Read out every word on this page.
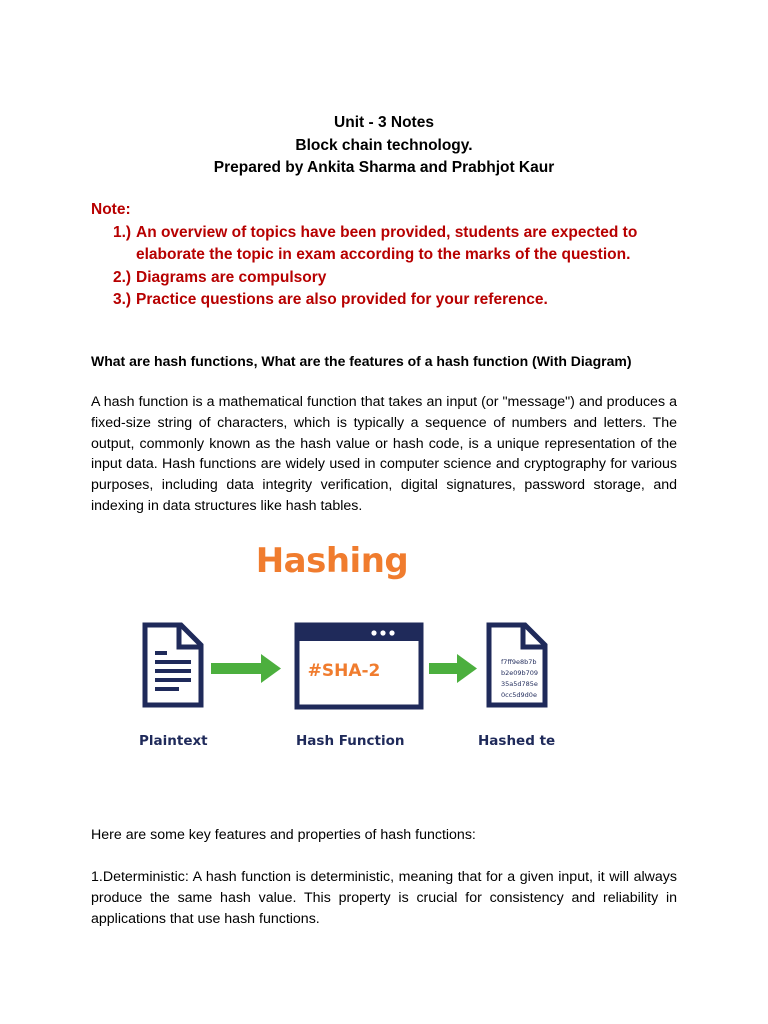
Unit - 3 Notes
Block chain technology.
Prepared by Ankita Sharma and Prabhjot Kaur
Note:
1.) An overview of topics have been provided, students are expected to elaborate the topic in exam according to the marks of the question.
2.) Diagrams are compulsory
3.) Practice questions are also provided for your reference.
What are hash functions, What are the features of a hash function (With Diagram)
A hash function is a mathematical function that takes an input (or "message") and produces a fixed-size string of characters, which is typically a sequence of numbers and letters. The output, commonly known as the hash value or hash code, is a unique representation of the input data. Hash functions are widely used in computer science and cryptography for various purposes, including data integrity verification, digital signatures, password storage, and indexing in data structures like hash tables.
Hashing
#SHA-2	f7ff9e8b7b
b2e09b709
35a5d785e
0cc5d9d0e
Plaintext	Hash Function	Hashed te
Here are some key features and properties of hash functions:
1.Deterministic: A hash function is deterministic, meaning that for a given input, it will always produce the same hash value. This property is crucial for consistency and reliability in applications that use hash functions.
